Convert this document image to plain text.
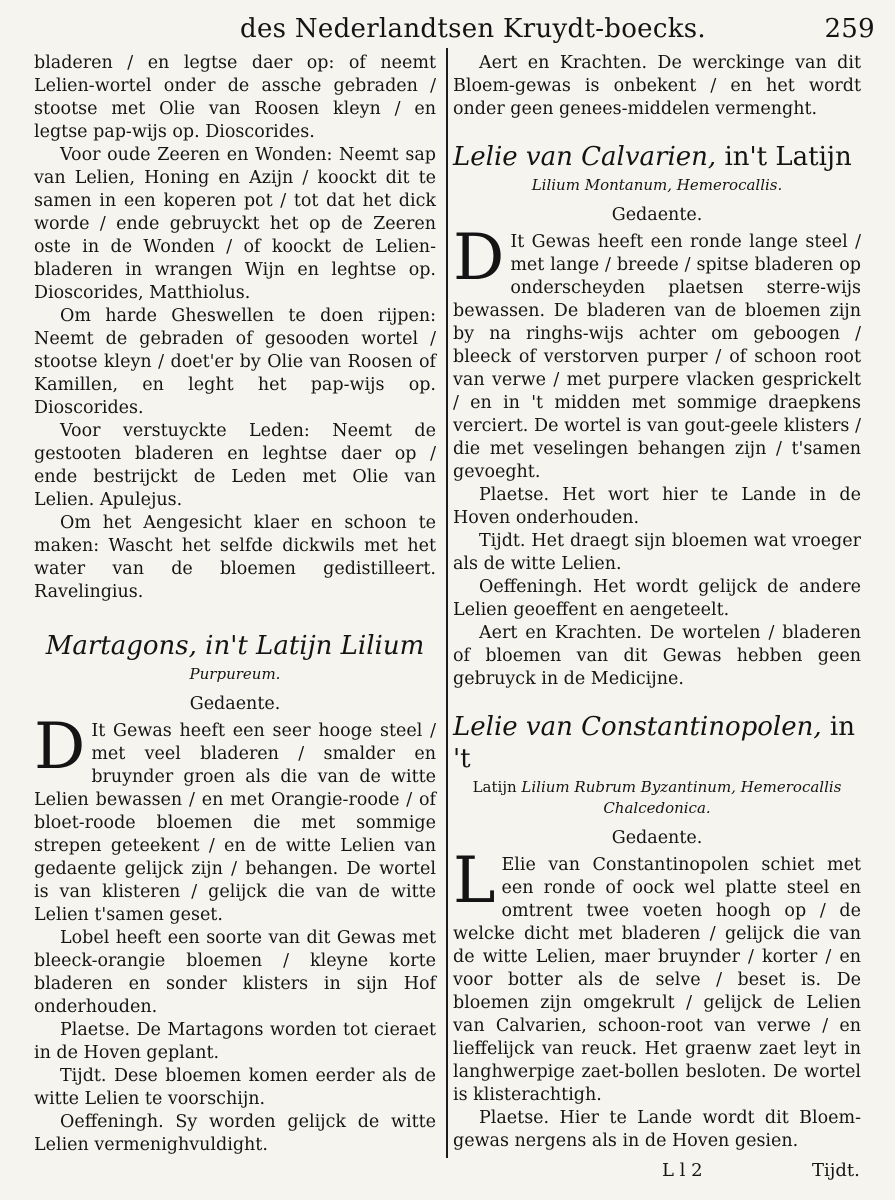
des Nederlandtsen Kruydt-boecks.	259

bladeren / en legtse daer op: of neemt Lelien-wortel onder de assche gebraden / stootse met Olie van Roosen kleyn / en legtse pap-wijs op. Dioscorides.

Voor oude Zeeren en Wonden: Neemt sap van Lelien, Honing en Azijn / koockt dit te samen in een koperen pot / tot dat het dick worde / ende gebruyckt het op de Zeeren oste in de Wonden / of koockt de Lelien-bladeren in wrangen Wijn en leghtse op. Dioscorides, Matthiolus.

Om harde Gheswellen te doen rijpen: Neemt de gebraden of gesooden wortel / stootse kleyn / doet'er by Olie van Roosen of Kamillen, en leght het pap-wijs op. Dioscorides.

Voor verstuyckte Leden: Neemt de gestooten bladeren en leghtse daer op / ende bestrijckt de Leden met Olie van Lelien. Apulejus.

Om het Aengesicht klaer en schoon te maken: Wascht het selfde dickwils met het water van de bloemen gedistilleert. Ravelingius.

Martagons, in't Latijn Lilium
Purpureum.
Gedaente.

D It Gewas heeft een seer hooge steel / met veel bladeren / smalder en bruynder groen als die van de witte Lelien bewassen / en met Orangie-roode / of bloet-roode bloemen die met sommige strepen geteekent / en de witte Lelien van gedaente gelijck zijn / behangen. De wortel is van klisteren / gelijck die van de witte Lelien t'samen geset.

Lobel heeft een soorte van dit Gewas met bleeck-orangie bloemen / kleyne korte bladeren en sonder klisters in sijn Hof onderhouden.

Plaetse. De Martagons worden tot cieraet in de Hoven geplant.

Tijdt. Dese bloemen komen eerder als de witte Lelien te voorschijn.

Oeffeningh. Sy worden gelijck de witte Lelien vermenighvuldight.

Aert en Krachten. De werckinge van dit Bloem-gewas is onbekent / en het wordt onder geen genees-middelen vermenght.

Lelie van Calvarien, in't Latijn
Lilium Montanum, Hemerocallis.
Gedaente.

D It Gewas heeft een ronde lange steel / met lange / breede / spitse bladeren op onderscheyden plaetsen sterre-wijs bewassen. De bladeren van de bloemen zijn by na ringhs-wijs achter om geboogen / bleeck of verstorven purper / of schoon root van verwe / met purpere vlacken gesprickelt / en in 't midden met sommige draepkens verciert. De wortel is van gout-geele klisters / die met veselingen behangen zijn / t'samen gevoeght.

Plaetse. Het wort hier te Lande in de Hoven onderhouden.

Tijdt. Het draegt sijn bloemen wat vroeger als de witte Lelien.

Oeffeningh. Het wordt gelijck de andere Lelien geoeffent en aengeteelt.

Aert en Krachten. De wortelen / bladeren of bloemen van dit Gewas hebben geen gebruyck in de Medicijne.

Lelie van Constantinopolen, in 't
Latijn Lilium Rubrum Byzantinum, Hemerocallis Chalcedonica.
Gedaente.

L Elie van Constantinopolen schiet met een ronde of oock wel platte steel en omtrent twee voeten hoogh op / de welcke dicht met bladeren / gelijck die van de witte Lelien, maer bruynder / korter / en voor botter als de selve / beset is. De bloemen zijn omgekrult / gelijck de Lelien van Calvarien, schoon-root van verwe / en lieffelijck van reuck. Het graenw zaet leyt in langhwerpige zaet-bollen besloten. De wortel is klisterachtigh.

Plaetse. Hier te Lande wordt dit Bloem-gewas nergens als in de Hoven gesien.

L l 2	Tijdt.
